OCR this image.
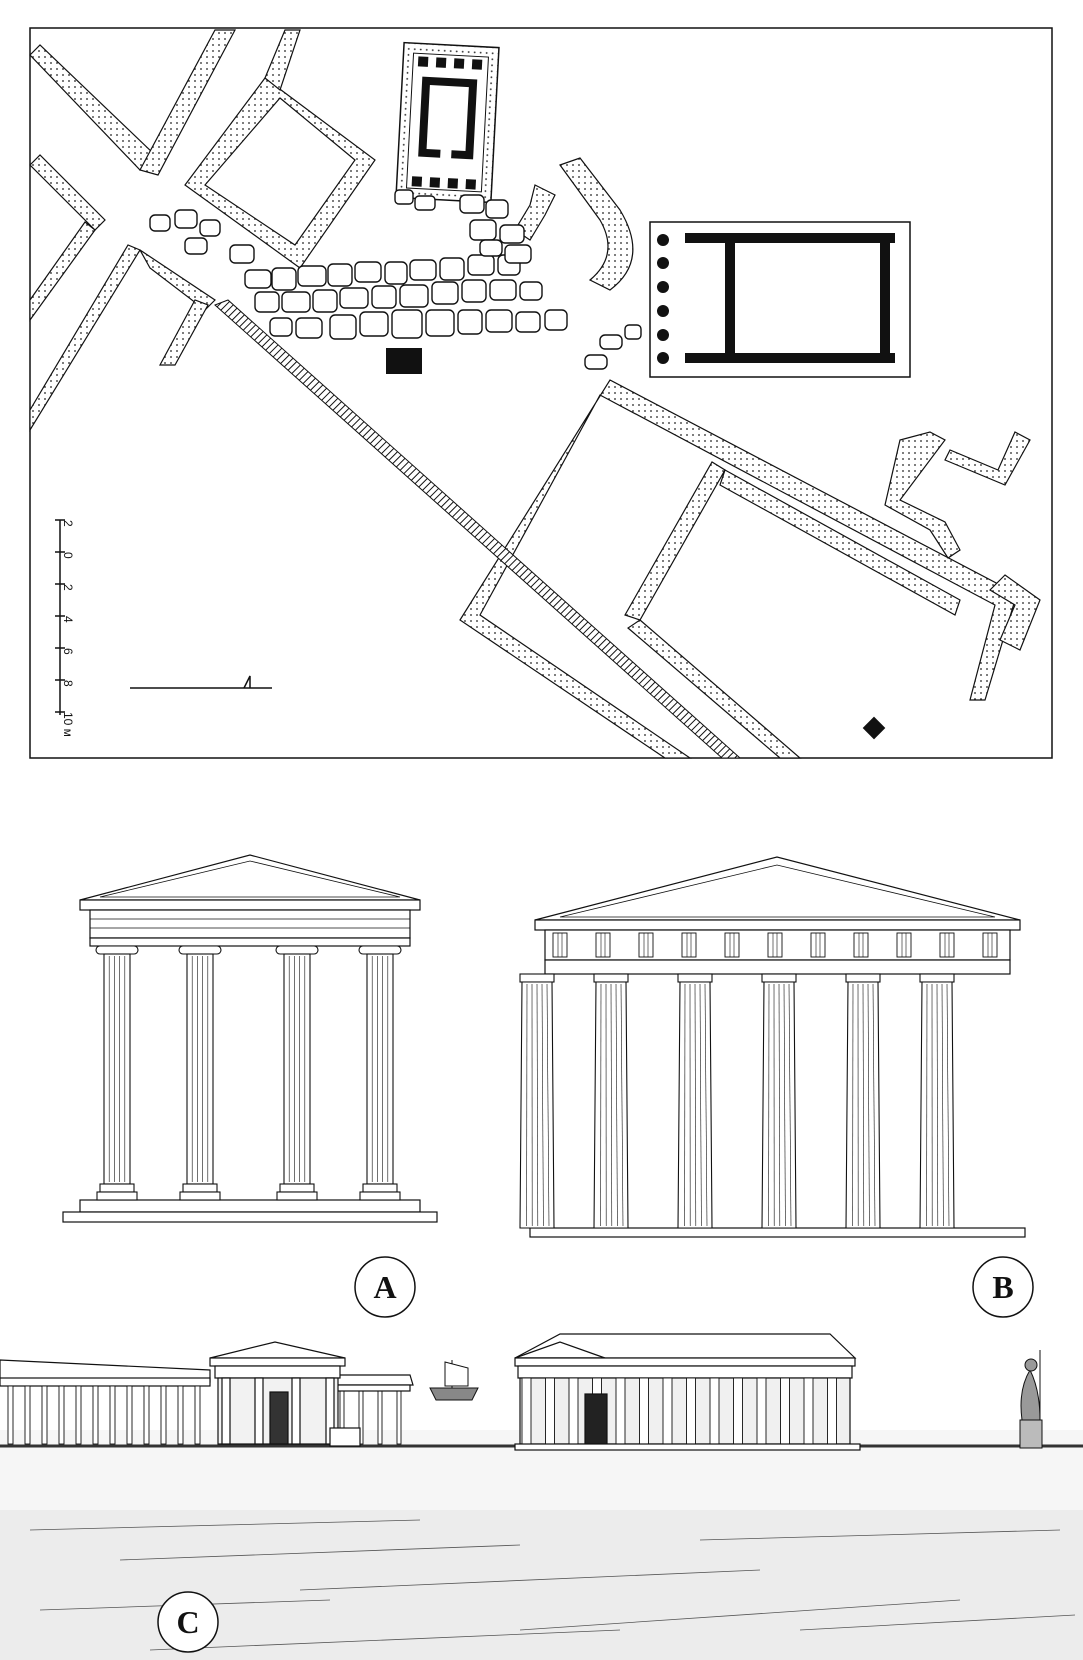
2
0
2
4
6
8
10 м
A	B
C
